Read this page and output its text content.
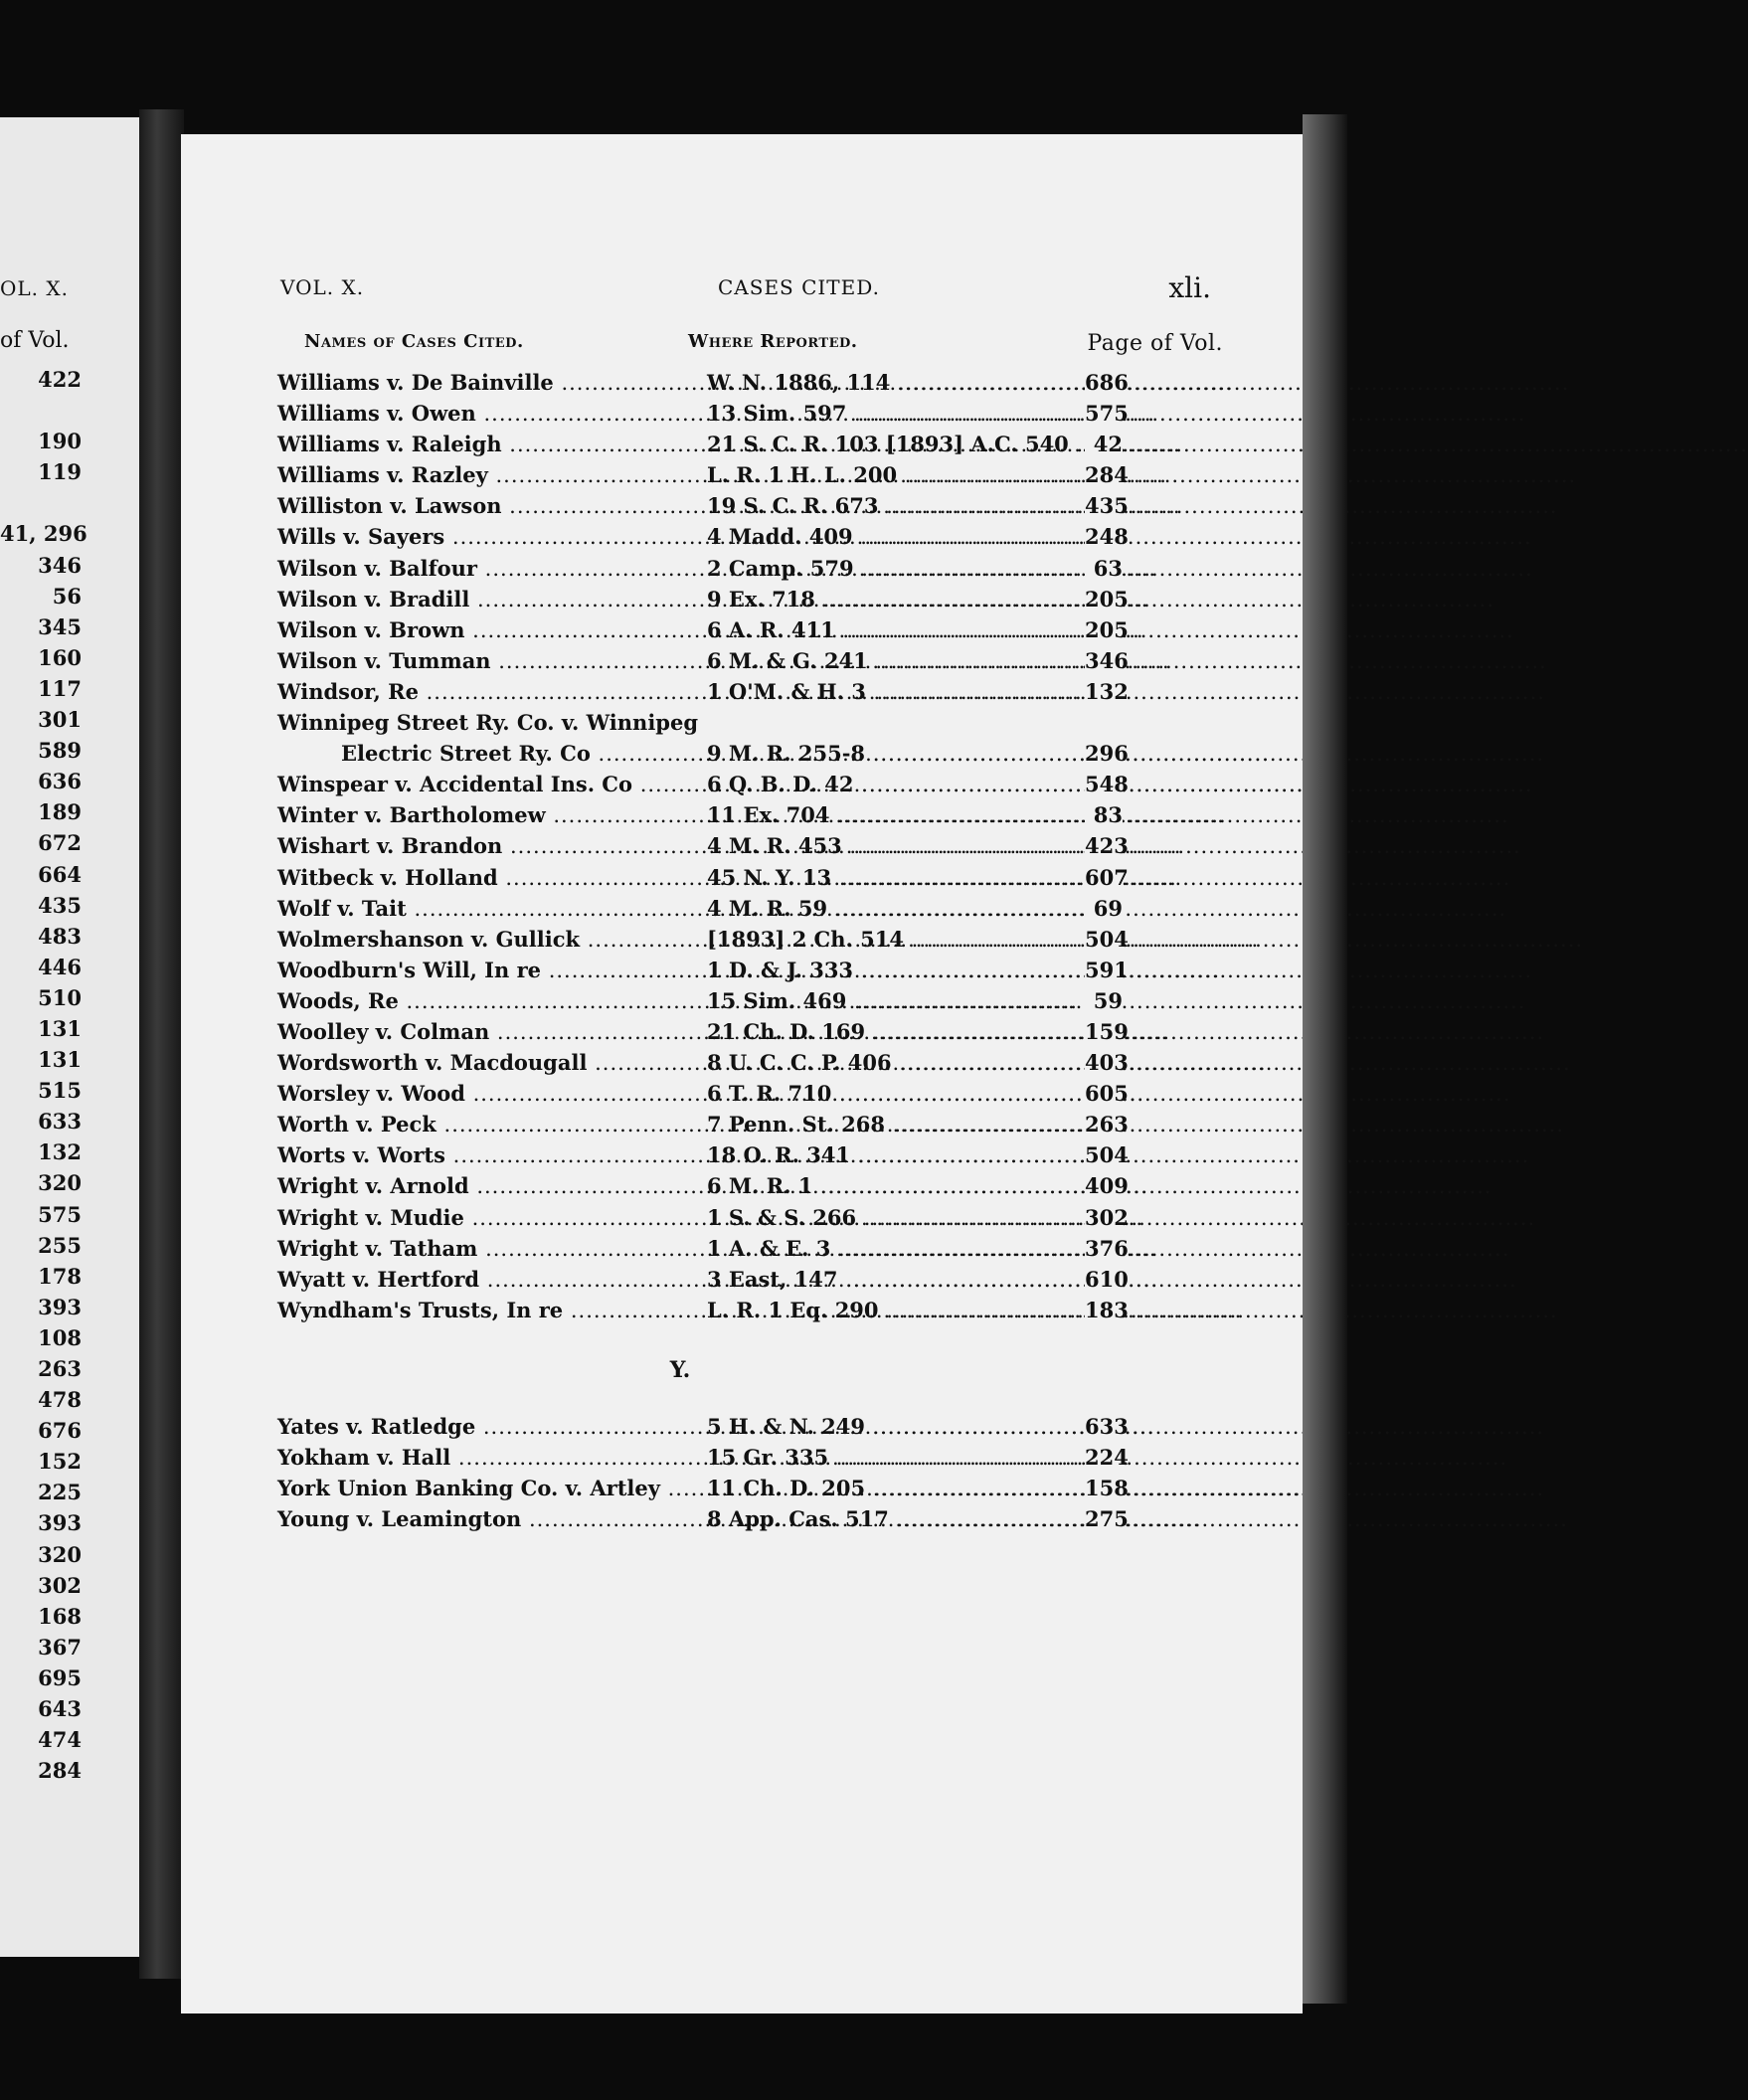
OL. X.
of Vol.
422
190
119
41, 296
346
56
345
160
117
301
589
636
189
672
664
435
483
446
510
131
131
515
633
132
320
575
255
178
393
108
263
478
676
152
225
393
320
302
168
367
695
643
474
284
VOL. X.	CASES CITED.	xli.
Names of Cases Cited.	Where Reported.	Page of Vol.
Williams v. De Bainville .....	W. N. 1886, 114 .....	686
Williams v. Owen .....	13 Sim. 597 .....	575
Williams v. Raleigh .....	21 S. C. R. 103 [1893] A.C. 540 .....	42
Williams v. Razley .....	L. R. 1 H. L. 200 .....	284
Williston v. Lawson .....	19 S. C. R. 673 .....	435
Wills v. Sayers .....	4 Madd. 409 .....	248
Wilson v. Balfour .....	2 Camp. 579 .....	63
Wilson v. Bradill .....	9 Ex. 718 .....	205
Wilson v. Brown .....	6 A. R. 411 .....	205
Wilson v. Tumman .....	6 M. & G. 241 .....	346
Windsor, Re .....	1 O'M. & H. 3 .....	132
Winnipeg Street Ry. Co. v. Winnipeg
Electric Street Ry. Co .....	9 M. R. 255-8 .....	296
Winspear v. Accidental Ins. Co .....	6 Q. B. D. 42 .....	548
Winter v. Bartholomew .....	11 Ex. 704 .....	83
Wishart v. Brandon .....	4 M. R. 453 .....	423
Witbeck v. Holland .....	45 N. Y. 13 .....	607
Wolf v. Tait .....	4 M. R. 59 .....	69
Wolmershanson v. Gullick .....	[1893] 2 Ch. 514 .....	504
Woodburn's Will, In re .....	1 D. & J. 333 .....	591
Woods, Re .....	15 Sim. 469 .....	59
Woolley v. Colman .....	21 Ch. D. 169 .....	159
Wordsworth v. Macdougall .....	8 U. C. C. P. 406 .....	403
Worsley v. Wood .....	6 T. R. 710 .....	605
Worth v. Peck .....	7 Penn. St. 268 .....	263
Worts v. Worts .....	18 O. R. 341 .....	504
Wright v. Arnold .....	6 M. R. 1 .....	409
Wright v. Mudie .....	1 S. & S. 266 .....	302
Wright v. Tatham .....	1 A. & E. 3 .....	376
Wyatt v. Hertford .....	3 East, 147 .....	610
Wyndham's Trusts, In re .....	L. R. 1 Eq. 290 .....	183
Y.
Yates v. Ratledge .....	5 H. & N. 249 .....	633
Yokham v. Hall .....	15 Gr. 335 .....	224
York Union Banking Co. v. Artley .....	11 Ch. D. 205 .....	158
Young v. Leamington .....	8 App. Cas. 517 .....	275
